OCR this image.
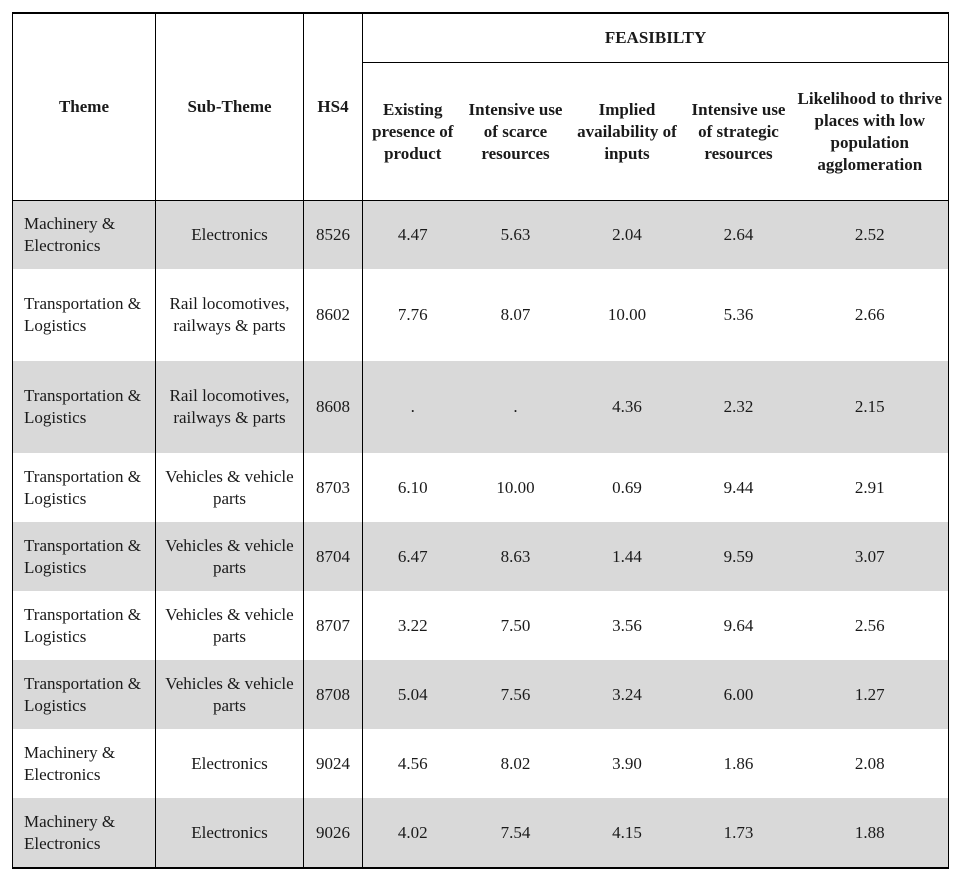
Theme	Sub-Theme	HS4	FEASIBILTY				
			Existing presence of product	Intensive use of scarce resources	Implied availability of inputs	Intensive use of strategic resources	Likelihood to thrive places with low population agglomeration
Machinery & Electronics	Electronics	8526	4.47	5.63	2.04	2.64	2.52
Transportation & Logistics	Rail locomotives, railways & parts	8602	7.76	8.07	10.00	5.36	2.66
Transportation & Logistics	Rail locomotives, railways & parts	8608	.	.	4.36	2.32	2.15
Transportation & Logistics	Vehicles & vehicle parts	8703	6.10	10.00	0.69	9.44	2.91
Transportation & Logistics	Vehicles & vehicle parts	8704	6.47	8.63	1.44	9.59	3.07
Transportation & Logistics	Vehicles & vehicle parts	8707	3.22	7.50	3.56	9.64	2.56
Transportation & Logistics	Vehicles & vehicle parts	8708	5.04	7.56	3.24	6.00	1.27
Machinery & Electronics	Electronics	9024	4.56	8.02	3.90	1.86	2.08
Machinery & Electronics	Electronics	9026	4.02	7.54	4.15	1.73	1.88
